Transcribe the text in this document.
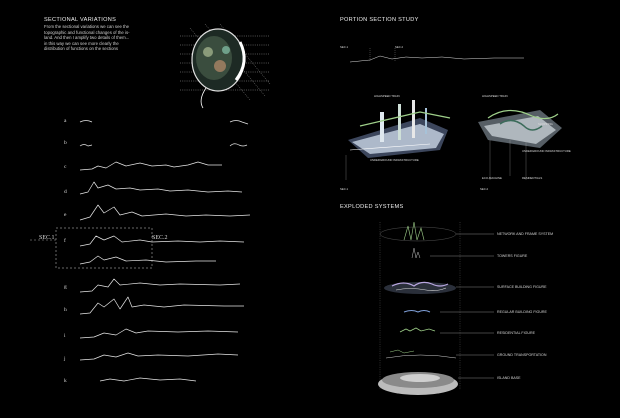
SECTIONAL VARIATIONS
From the sectional variations we can see the
topographic and functional changes of the is-
land. And then I amplify two details of them...
in this way we can see more clearly the
distribution of functions on the sections
a
b
c
d
e
f
g
h
i
j
k
SEC.1	SEC.2
PORTION SECTION STUDY
SEC.1	SEC.2
HIGHSPEED TRAIN
UNDERGROUND INFRASTRUCTURE
SEC.1
HIGHSPEED TRAIN
SHOPPING
UNDERGROUND INFRASTRUCTURE
ECO-MACHINE	RESIDENTIALS
SEC.2
EXPLODED SYSTEMS
NETWORK AND FRAME SYSTEM
TOWERS FIGURE
SURFACE BUILDING FIGURE
REGULAR BUILDING FIGURE
RESIDENTIAL FIGURE
GROUND TRANSPORTATION
ISLAND BASE
